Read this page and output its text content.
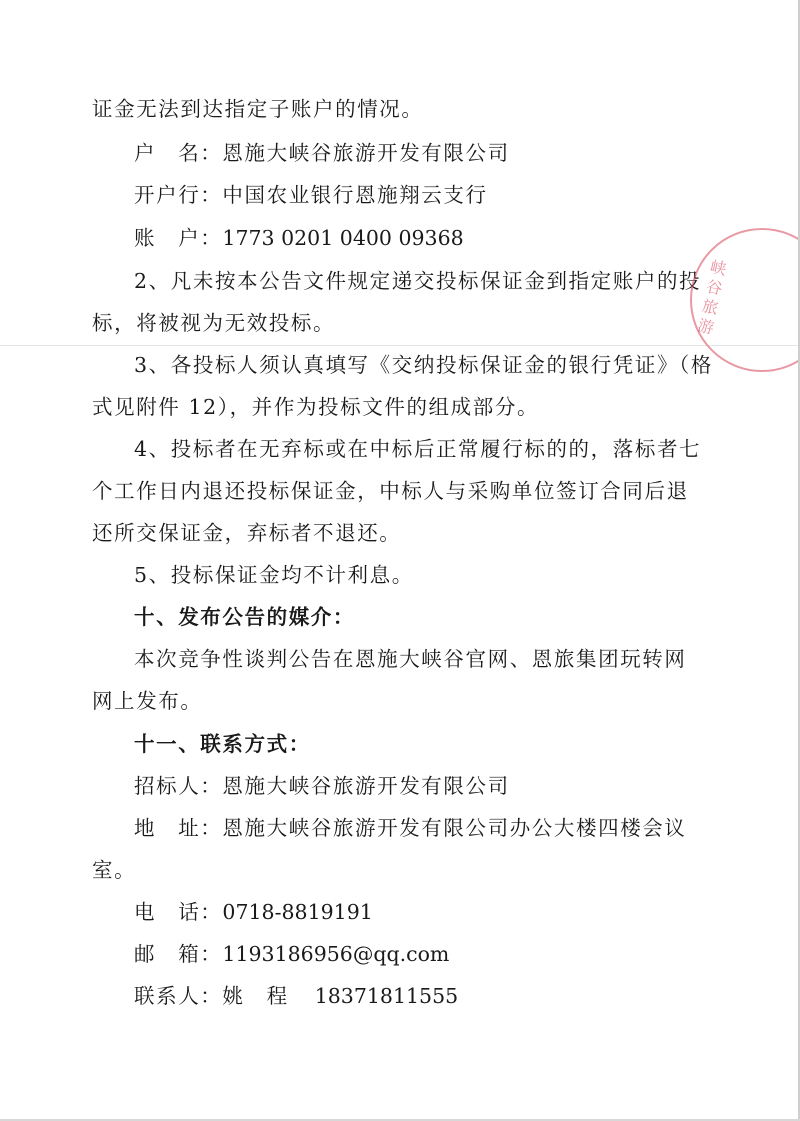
证金无法到达指定子账户的情况。
户　名：恩施大峡谷旅游开发有限公司
开户行：中国农业银行恩施翔云支行
账　户：1773 0201 0400 09368
2、凡未按本公告文件规定递交投标保证金到指定账户的投
标，将被视为无效投标。
3、各投标人须认真填写《交纳投标保证金的银行凭证》（格
式见附件 12），并作为投标文件的组成部分。
4、投标者在无弃标或在中标后正常履行标的的，落标者七
个工作日内退还投标保证金，中标人与采购单位签订合同后退
还所交保证金，弃标者不退还。
5、投标保证金均不计利息。
十、发布公告的媒介：
本次竞争性谈判公告在恩施大峡谷官网、恩旅集团玩转网
网上发布。
十一、联系方式：
招标人：恩施大峡谷旅游开发有限公司
地　址：恩施大峡谷旅游开发有限公司办公大楼四楼会议
室。
电　话：0718-8819191
邮　箱：1193186956@qq.com
联系人：姚　程 18371811555
峡谷旅游
